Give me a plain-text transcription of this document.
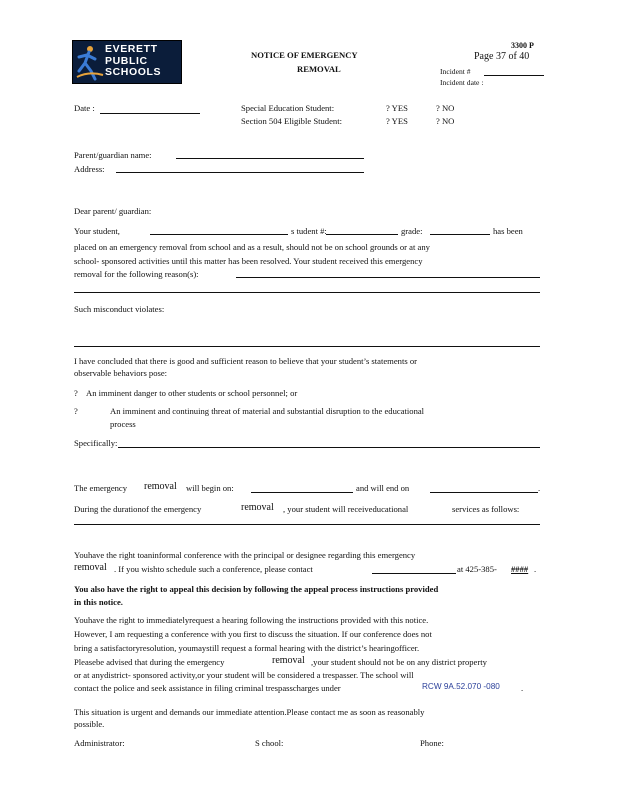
EVERETT
PUBLIC
SCHOOLS
NOTICE OF EMERGENCY
REMOVAL
3300 P
Page 37 of 40
Incident #
Incident date :
Date :	Special Education Student:	? YES	? NO
Section 504 Eligible Student:	? YES	? NO
Parent/guardian name:
Address:
Dear parent/ guardian:
Your student,	s tudent #:	grade:	has been
placed on an emergency removal from school and as a result, should not be on school grounds or at any
school- sponsored activities until this matter has been resolved. Your student received this emergency
removal for the following reason(s):
Such misconduct violates:
I have concluded that there is good and sufficient reason to believe that your student’s statements or
observable behaviors pose:
? An imminent danger to other students or school personnel; or
?	An imminent and continuing threat of material and substantial disruption to the educational
process
Specifically:
The emergency removal will begin on:	and will end on	.
During the durationof the emergency	removal , your student will receiveducational	services as follows:
Youhave the right toaninformal conference with the principal or designee regarding this emergency
removal . If you wishto schedule such a conference, please contact	at 425-385- #### .
You also have the right to appeal this decision by following the appeal process instructions provided
in this notice.
Youhave the right to immediatelyrequest a hearing following the instructions provided with this notice.
However, I am requesting a conference with you first to discuss the situation. If our conference does not
bring a satisfactoryresolution, youmaystill request a formal hearing with the district’s hearingofficer.
Pleasebe advised that during the emergency	removal ,your student should not be on any district property
or at anydistrict- sponsored activity,or your student will be considered a trespasser. The school will
contact the police and seek assistance in filing criminal trespasscharges under	RCW 9A.52.070 -080 .
This situation is urgent and demands our immediate attention.Please contact me as soon as reasonably
possible.
Administrator:	S chool:	Phone:
